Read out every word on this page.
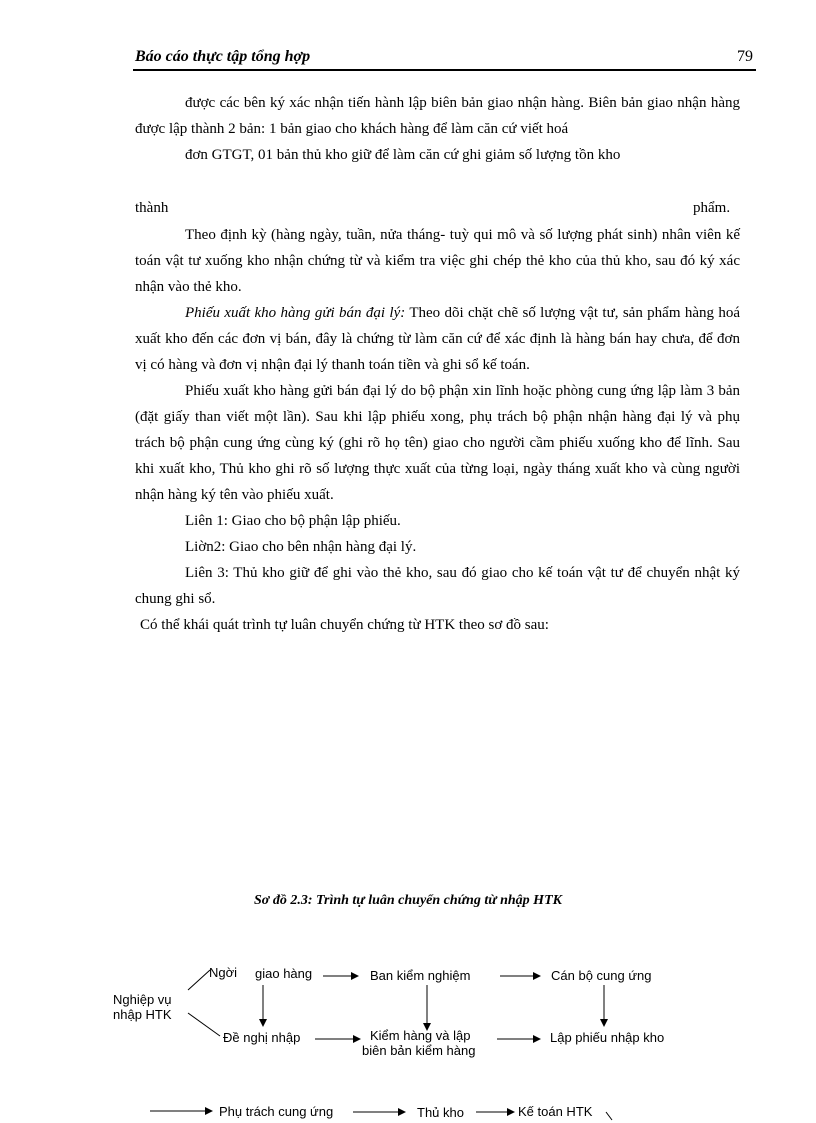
Báo cáo thực tập tổng hợp	79

được các bên ký xác nhận tiến hành lập biên bản giao nhận hàng. Biên bản giao nhận hàng được lập thành 2 bản: 1 bản giao cho khách hàng để làm căn cứ viết hoá

đơn GTGT, 01 bản thủ kho giữ để làm căn cứ ghi giảm số lượng tồn kho

thành	phẩm.

Theo định kỳ (hàng ngày, tuần, nửa tháng- tuỳ qui mô và số lượng phát sinh) nhân viên kế toán vật tư xuống kho nhận chứng từ và kiểm tra việc ghi chép thẻ kho của thủ kho, sau đó ký xác nhận vào thẻ kho.

Phiếu xuất kho hàng gửi bán đại lý: Theo dõi chặt chẽ số lượng vật tư, sản phẩm hàng hoá xuất kho đến các đơn vị bán, đây là chứng từ làm căn cứ để xác định là hàng bán hay chưa, để đơn vị có hàng và đơn vị nhận đại lý thanh toán tiền và ghi sổ kế toán.

Phiếu xuất kho hàng gửi bán đại lý do bộ phận xin lĩnh hoặc phòng cung ứng lập làm 3 bản (đặt giấy than viết một lần). Sau khi lập phiếu xong, phụ trách bộ phận nhận hàng đại lý và phụ trách bộ phận cung ứng cùng ký (ghi rõ họ tên) giao cho người cầm phiếu xuống kho để lĩnh. Sau khi xuất kho, Thủ kho ghi rõ số lượng thực xuất của từng loại, ngày tháng xuất kho và cùng người nhận hàng ký tên vào phiếu xuất.

Liên 1: Giao cho bộ phận lập phiếu.

Liờn2: Giao cho bên nhận hàng đại lý.

Liên 3: Thủ kho giữ để ghi vào thẻ kho, sau đó giao cho kế toán vật tư để chuyển nhật ký chung ghi sổ.

Có thể khái quát trình tự luân chuyển chứng từ HTK theo sơ đồ sau:

Sơ đồ 2.3: Trình tự luân chuyển chứng từ nhập HTK
Nghiệp vụ
nhập HTK
Ngời giao hàng	Ban kiểm nghiệm	Cán bộ cung ứng
Đề nghị nhập	Kiểm hàng và lập
biên bản kiểm hàng
Lập phiếu nhập kho
Phụ trách cung ứng	Thủ kho	Kế toán HTK
